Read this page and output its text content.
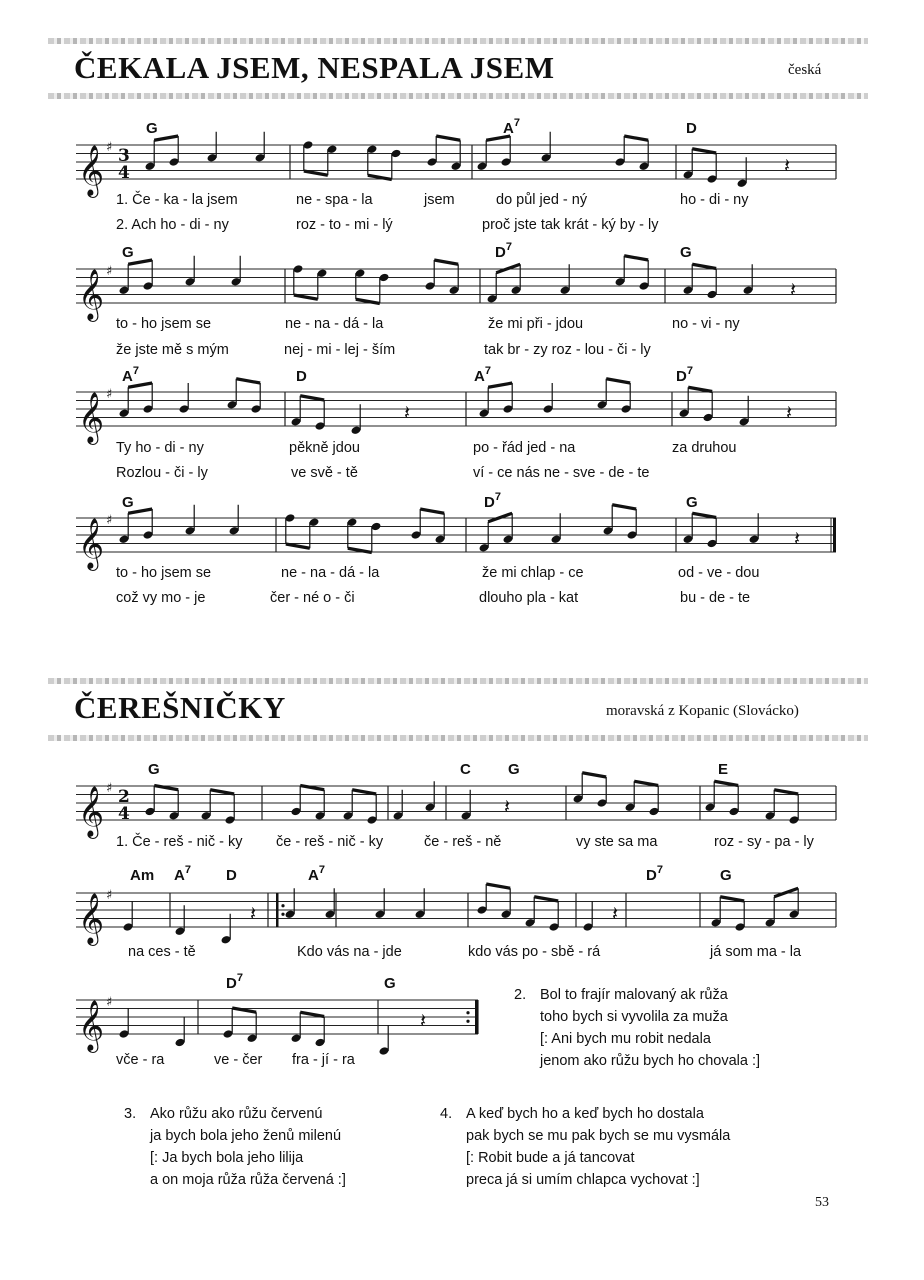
ČEKALA JSEM, NESPALA JSEM	česká
ČEREŠNIČKY	moravská z Kopanic (Slovácko)
𝄞 ♯ 3
4	𝄽
G	$A^7$	D
𝄞 ♯
𝄽
G	$D^7$	G
𝄞 ♯
𝄽	𝄽
$A^7$	D	$A^7$	$D^7$
𝄞 ♯
𝄽
G	$D^7$	G
𝄞 ♯ 2
4	𝄽
G	C G	E
𝄞 ♯
𝄽	𝄽
Am $A^7$ D	$A^7$	$D^7$	G
𝄞 ♯
𝄽
$D^7$	G
1. Če - ka - la jsem	ne - spa - la	jsem	do půl jed - ný	ho - di - ny
2. Ach ho - di - ny	roz - to - mi - lý	proč jste tak krát - ký by - ly
to - ho jsem se	ne - na - dá - la	že mi při - jdou	no - vi - ny
že jste mě s mým	nej - mi - lej - ším	tak br - zy roz - lou - či - ly
Ty ho - di - ny	pěkně jdou	po - řád jed - na	za druhou
Rozlou - či - ly	ve svě - tě	ví - ce nás ne - sve - de - te
to - ho jsem se	ne - na - dá - la	že mi chlap - ce	od - ve - dou
což vy mo - je	čer - né o - či	dlouho pla - kat	bu - de - te
1. Če - reš - nič - ky če - reš - nič - ky	če - reš - ně	vy ste sa ma	roz - sy - pa - ly
na ces - tě	Kdo vás na - jde	kdo vás po - sbě - rá	já som ma - la
vče - ra	ve - čer fra - jí - ra
2. Bol to frajír malovaný ak růža
toho bych si vyvolila za muža
[: Ani bych mu robit nedala
jenom ako růžu bych ho chovala :]
3. Ako růžu ako růžu červenú
ja bych bola jeho ženů milenú
[: Ja bych bola jeho lilija
a on moja růža růža červená :]
4. A keď bych ho a keď bych ho dostala
pak bych se mu pak bych se mu vysmála
[: Robit bude a já tancovat
preca já si umím chlapca vychovat :]
53
